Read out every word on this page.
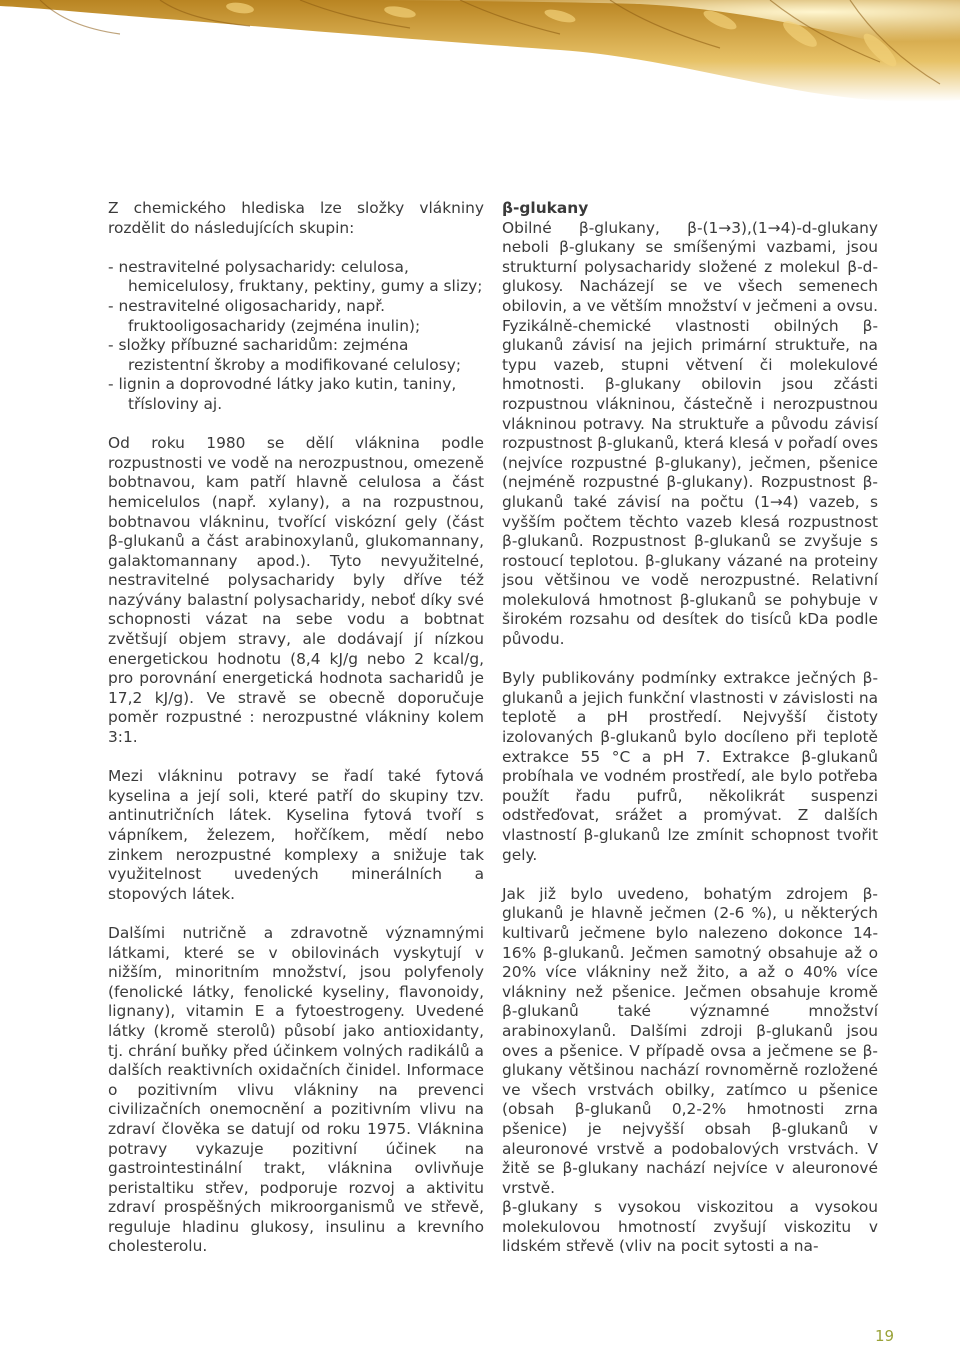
Z chemického hlediska lze složky vlákniny rozdělit do následujících skupin:

- nestravitelné polysacharidy: celulosa, hemicelulosy, fruktany, pektiny, gumy a slizy;
- nestravitelné oligosacharidy, např. fruktooligosacharidy (zejména inulin);
- složky příbuzné sacharidům: zejména rezistentní škroby a modifikované celulosy;
- lignin a doprovodné látky jako kutin, taniny, třísloviny aj.

Od roku 1980 se dělí vláknina podle rozpustnosti ve vodě na nerozpustnou, omezeně bobtnavou, kam patří hlavně celulosa a část hemicelulos (např. xylany), a na rozpustnou, bobtnavou vlákninu, tvořící viskózní gely (část β-glukanů a část arabinoxylanů, glukomannany, galaktomannany apod.). Tyto nevyužitelné, nestravitelné polysacharidy byly dříve též nazývány balastní polysacharidy, neboť díky své schopnosti vázat na sebe vodu a bobtnat zvětšují objem stravy, ale dodávají jí nízkou energetickou hodnotu (8,4 kJ/g nebo 2 kcal/g, pro porovnání energetická hodnota sacharidů je 17,2 kJ/g). Ve stravě se obecně doporučuje poměr rozpustné : nerozpustné vlákniny kolem 3:1.

Mezi vlákninu potravy se řadí také fytová kyselina a její soli, které patří do skupiny tzv. antinutričních látek. Kyselina fytová tvoří s vápníkem, železem, hořčíkem, mědí nebo zinkem nerozpustné komplexy a snižuje tak využitelnost uvedených minerálních a stopových látek.

Dalšími nutričně a zdravotně významnými látkami, které se v obilovinách vyskytují v nižším, minoritním množství, jsou polyfenoly (fenolické látky, fenolické kyseliny, flavonoidy, lignany), vitamin E a fytoestrogeny. Uvedené látky (kromě sterolů) působí jako antioxidanty, tj. chrání buňky před účinkem volných radikálů a dalších reaktivních oxidačních činidel. Informace o pozitivním vlivu vlákniny na prevenci civilizačních onemocnění a pozitivním vlivu na zdraví člověka se datují od roku 1975. Vláknina potravy vykazuje pozitivní účinek na gastrointestinální trakt, vláknina ovlivňuje peristaltiku střev, podporuje rozvoj a aktivitu zdraví prospěšných mikroorganismů ve střevě, reguluje hladinu glukosy, insulinu a krevního cholesterolu.

β-glukany

Obilné β-glukany, β-(1→3),(1→4)-d-glukany neboli β-glukany se smíšenými vazbami, jsou strukturní polysacharidy složené z molekul β-d-glukosy. Nacházejí se ve všech semenech obilovin, a ve větším množství v ječmeni a ovsu. Fyzikálně-chemické vlastnosti obilných β-glukanů závisí na jejich primární struktuře, na typu vazeb, stupni větvení či molekulové hmotnosti. β-glukany obilovin jsou zčásti rozpustnou vlákninou, částečně i nerozpustnou vlákninou potravy. Na struktuře a původu závisí rozpustnost β-glukanů, která klesá v pořadí oves (nejvíce rozpustné β-glukany), ječmen, pšenice (nejméně rozpustné β-glukany). Rozpustnost β-glukanů také závisí na počtu (1→4) vazeb, s vyšším počtem těchto vazeb klesá rozpustnost β-glukanů. Rozpustnost β-glukanů se zvyšuje s rostoucí teplotou. β-glukany vázané na proteiny jsou většinou ve vodě nerozpustné. Relativní molekulová hmotnost β-glukanů se pohybuje v širokém rozsahu od desítek do tisíců kDa podle původu.

Byly publikovány podmínky extrakce ječných β-glukanů a jejich funkční vlastnosti v závislosti na teplotě a pH prostředí. Nejvyšší čistoty izolovaných β-glukanů bylo docíleno při teplotě extrakce 55 °C a pH 7. Extrakce β-glukanů probíhala ve vodném prostředí, ale bylo potřeba použít řadu pufrů, několikrát suspenzi odstřeďovat, srážet a promývat. Z dalších vlastností β-glukanů lze zmínit schopnost tvořit gely.

Jak již bylo uvedeno, bohatým zdrojem β-glukanů je hlavně ječmen (2-6 %), u některých kultivarů ječmene bylo nalezeno dokonce 14-16% β-glukanů. Ječmen samotný obsahuje až o 20% více vlákniny než žito, a až o 40% více vlákniny než pšenice. Ječmen obsahuje kromě β-glukanů také významné množství arabinoxylanů. Dalšími zdroji β-glukanů jsou oves a pšenice. V případě ovsa a ječmene se β-glukany většinou nachází rovnoměrně rozložené ve všech vrstvách obilky, zatímco u pšenice (obsah β-glukanů 0,2-2% hmotnosti zrna pšenice) je nejvyšší obsah β-glukanů v aleuronové vrstvě a podobalových vrstvách. V žitě se β-glukany nachází nejvíce v aleuronové vrstvě.

β-glukany s vysokou viskozitou a vysokou molekulovou hmotností zvyšují viskozitu v lidském střevě (vliv na pocit sytosti a na-

19
